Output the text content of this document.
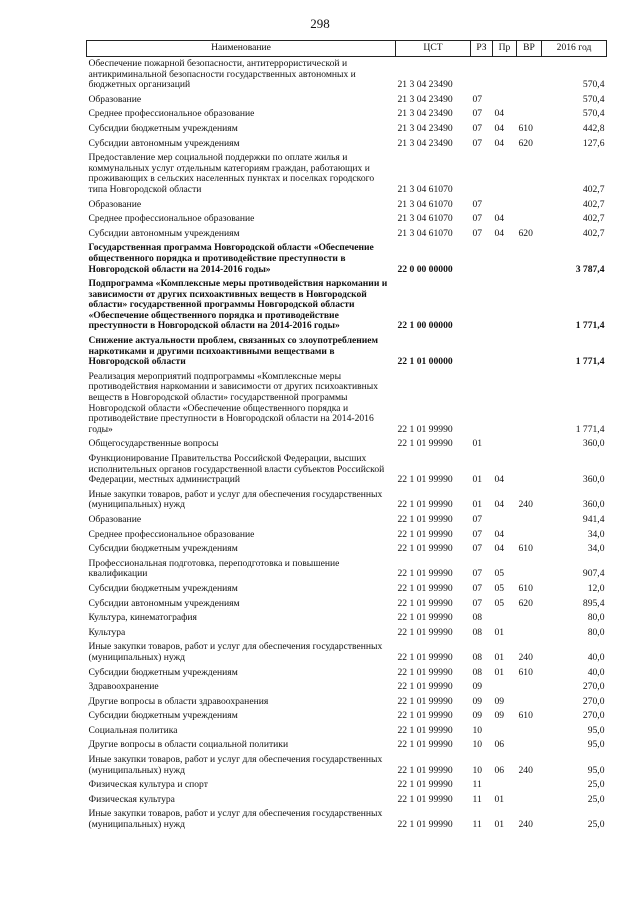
298
Наименование	ЦСТ	РЗ	Пр	ВР	2016 год
Обеспечение пожарной безопасности, антитеррористической и антикриминальной безопасности государственных автономных и бюджетных организаций	21 3 04 23490				570,4
Образование	21 3 04 23490	07			570,4
Среднее профессиональное образование	21 3 04 23490	07	04		570,4
Субсидии бюджетным учреждениям	21 3 04 23490	07	04	610	442,8
Субсидии автономным учреждениям	21 3 04 23490	07	04	620	127,6
Предоставление мер социальной поддержки по оплате жилья и коммунальных услуг отдельным категориям граждан, работающих и проживающих в сельских населенных пунктах и поселках городского типа Новгородской области	21 3 04 61070				402,7
Образование	21 3 04 61070	07			402,7
Среднее профессиональное образование	21 3 04 61070	07	04		402,7
Субсидии автономным учреждениям	21 3 04 61070	07	04	620	402,7
Государственная программа Новгородской области «Обеспечение общественного порядка и противодействие преступности в Новгородской области на 2014-2016 годы»	22 0 00 00000				3 787,4
Подпрограмма «Комплексные меры противодействия наркомании и зависимости от других психоактивных веществ в Новгородской области» государственной программы Новгородской области «Обеспечение общественного порядка и противодействие преступности в Новгородской области на 2014-2016 годы»	22 1 00 00000				1 771,4
Снижение актуальности проблем, связанных со злоупотреблением наркотиками и другими психоактивными веществами в Новгородской области	22 1 01 00000				1 771,4
Реализация мероприятий подпрограммы «Комплексные меры противодействия наркомании и зависимости от других психоактивных веществ в Новгородской области» государственной программы Новгородской области «Обеспечение общественного порядка и противодействие преступности в Новгородской области на 2014-2016 годы»	22 1 01 99990				1 771,4
Общегосударственные вопросы	22 1 01 99990	01			360,0
Функционирование Правительства Российской Федерации, высших исполнительных органов государственной власти субъектов Российской Федерации, местных администраций	22 1 01 99990	01	04		360,0
Иные закупки товаров, работ и услуг для обеспечения государственных (муниципальных) нужд	22 1 01 99990	01	04	240	360,0
Образование	22 1 01 99990	07			941,4
Среднее профессиональное образование	22 1 01 99990	07	04		34,0
Субсидии бюджетным учреждениям	22 1 01 99990	07	04	610	34,0
Профессиональная подготовка, переподготовка и повышение квалификации	22 1 01 99990	07	05		907,4
Субсидии бюджетным учреждениям	22 1 01 99990	07	05	610	12,0
Субсидии автономным учреждениям	22 1 01 99990	07	05	620	895,4
Культура, кинематография	22 1 01 99990	08			80,0
Культура	22 1 01 99990	08	01		80,0
Иные закупки товаров, работ и услуг для обеспечения государственных (муниципальных) нужд	22 1 01 99990	08	01	240	40,0
Субсидии бюджетным учреждениям	22 1 01 99990	08	01	610	40,0
Здравоохранение	22 1 01 99990	09			270,0
Другие вопросы в области здравоохранения	22 1 01 99990	09	09		270,0
Субсидии бюджетным учреждениям	22 1 01 99990	09	09	610	270,0
Социальная политика	22 1 01 99990	10			95,0
Другие вопросы в области социальной политики	22 1 01 99990	10	06		95,0
Иные закупки товаров, работ и услуг для обеспечения государственных (муниципальных) нужд	22 1 01 99990	10	06	240	95,0
Физическая культура и спорт	22 1 01 99990	11			25,0
Физическая культура	22 1 01 99990	11	01		25,0
Иные закупки товаров, работ и услуг для обеспечения государственных (муниципальных) нужд	22 1 01 99990	11	01	240	25,0
